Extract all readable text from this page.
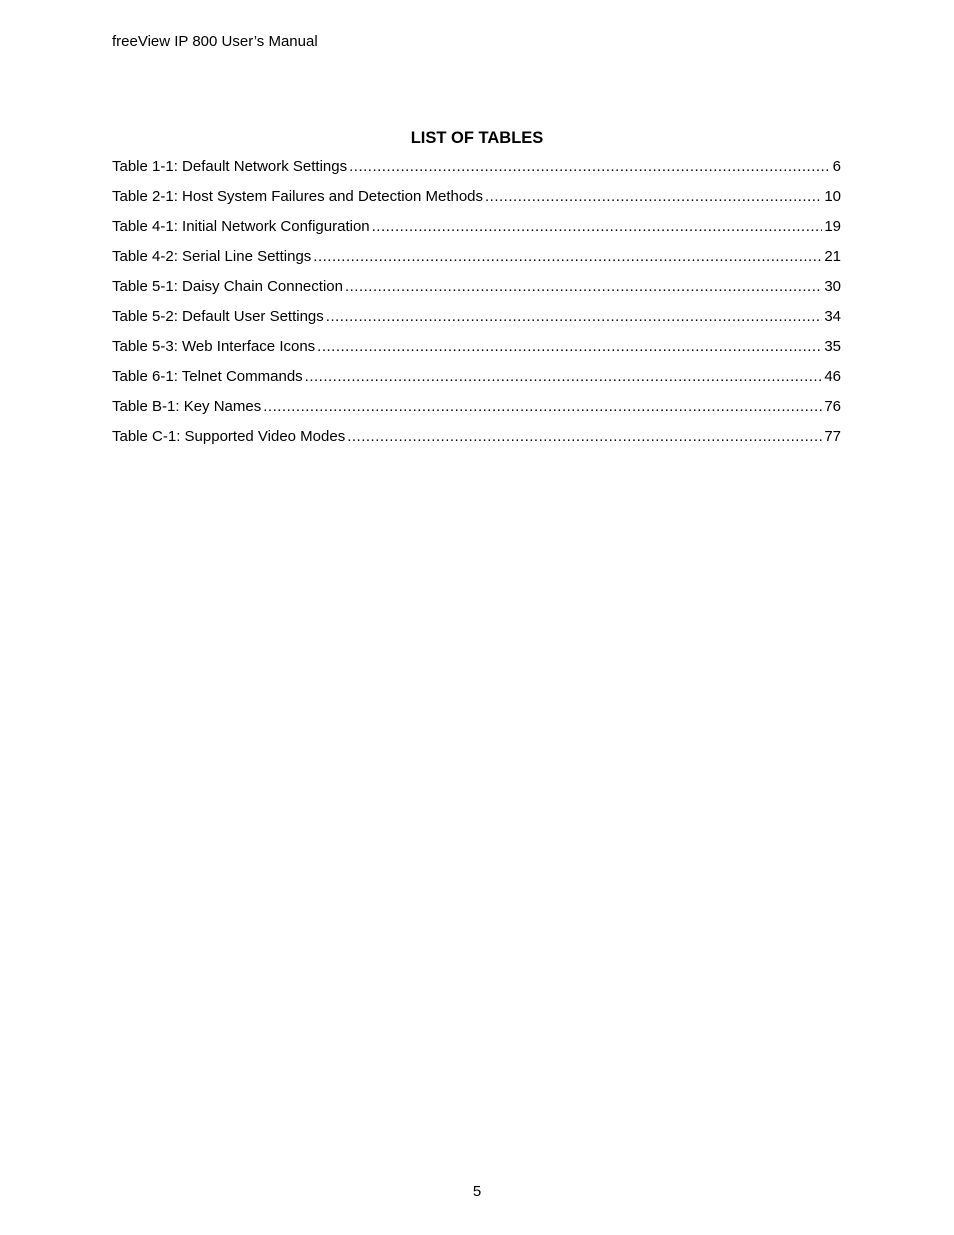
freeView IP 800 User’s Manual
LIST OF TABLES
Table 1-1: Default Network Settings .....	6
Table 2-1: Host System Failures and Detection Methods .....	10
Table 4-1: Initial Network Configuration .....	19
Table 4-2: Serial Line Settings .....	21
Table 5-1: Daisy Chain Connection .....	30
Table 5-2: Default User Settings .....	34
Table 5-3: Web Interface Icons .....	35
Table 6-1: Telnet Commands .....	46
Table B-1: Key Names .....	76
Table C-1: Supported Video Modes .....	77
5
